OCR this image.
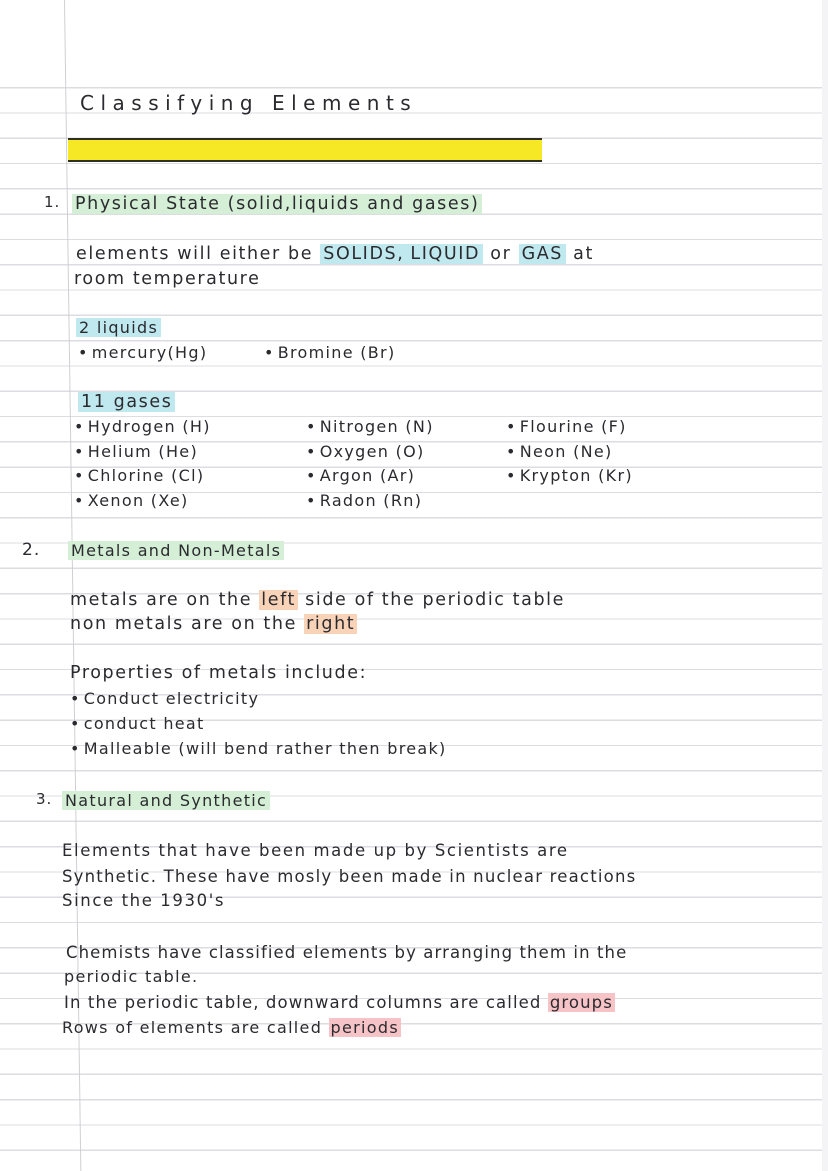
Classifying Elements
1. Physical State (solid,liquids and gases)
elements will either be SOLIDS, LIQUID or GAS at
room temperature
2 liquids
• mercury(Hg)	• Bromine (Br)
11 gases
• Hydrogen (H)
• Helium (He)
• Chlorine (Cl)
• Xenon (Xe)
• Nitrogen (N)
• Oxygen (O)
• Argon (Ar)
• Radon (Rn)
• Flourine (F)
• Neon (Ne)
• Krypton (Kr)
2. Metals and Non-Metals
metals are on the left side of the periodic table
non metals are on the right
Properties of metals include:
• Conduct electricity
• conduct heat
• Malleable (will bend rather then break)
3. Natural and Synthetic
Elements that have been made up by Scientists are
Synthetic. These have mosly been made in nuclear reactions
Since the 1930's
Chemists have classified elements by arranging them in the
periodic table.
In the periodic table, downward columns are called groups
Rows of elements are called periods
